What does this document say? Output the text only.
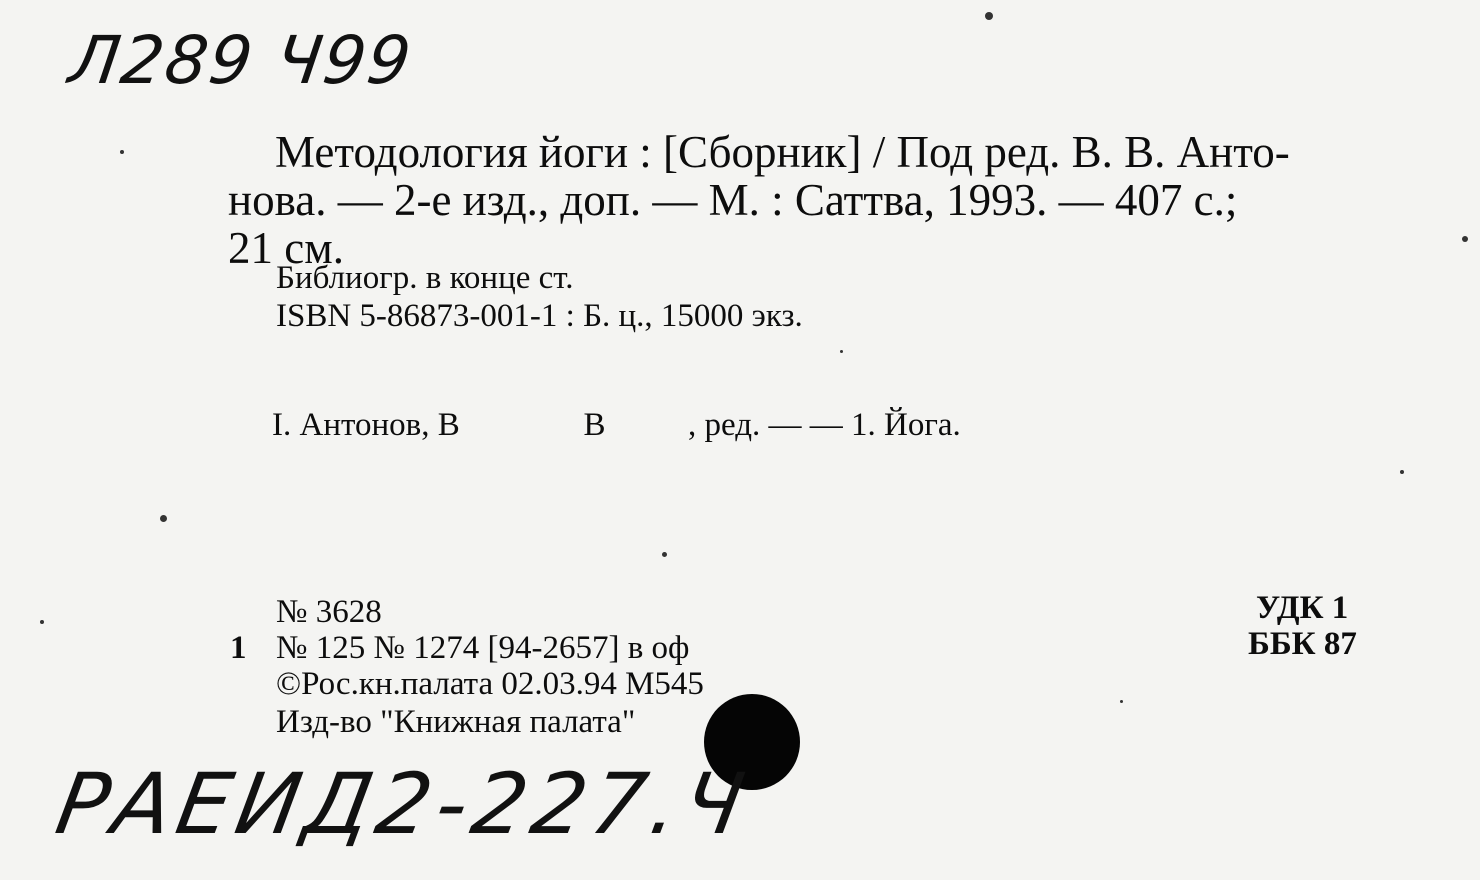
Л289 Ч99
Методология йоги : [Сборник] / Под ред. В. В. Анто-
нова. — 2-е изд., доп. — М. : Саттва, 1993. — 407 с.;
21 см.
Библиогр. в конце ст.
ISBN 5-86873-001-1 : Б. ц., 15000 экз.
I. Антонов, В               В          , ред. — — 1. Йога.
№ 3628
1 № 125 № 1274 [94-2657] в оф
©Рос.кн.палата 02.03.94 М545
Изд-во "Книжная палата"
УДК 1
ББК 87
РАЕИД2-227.Ч
